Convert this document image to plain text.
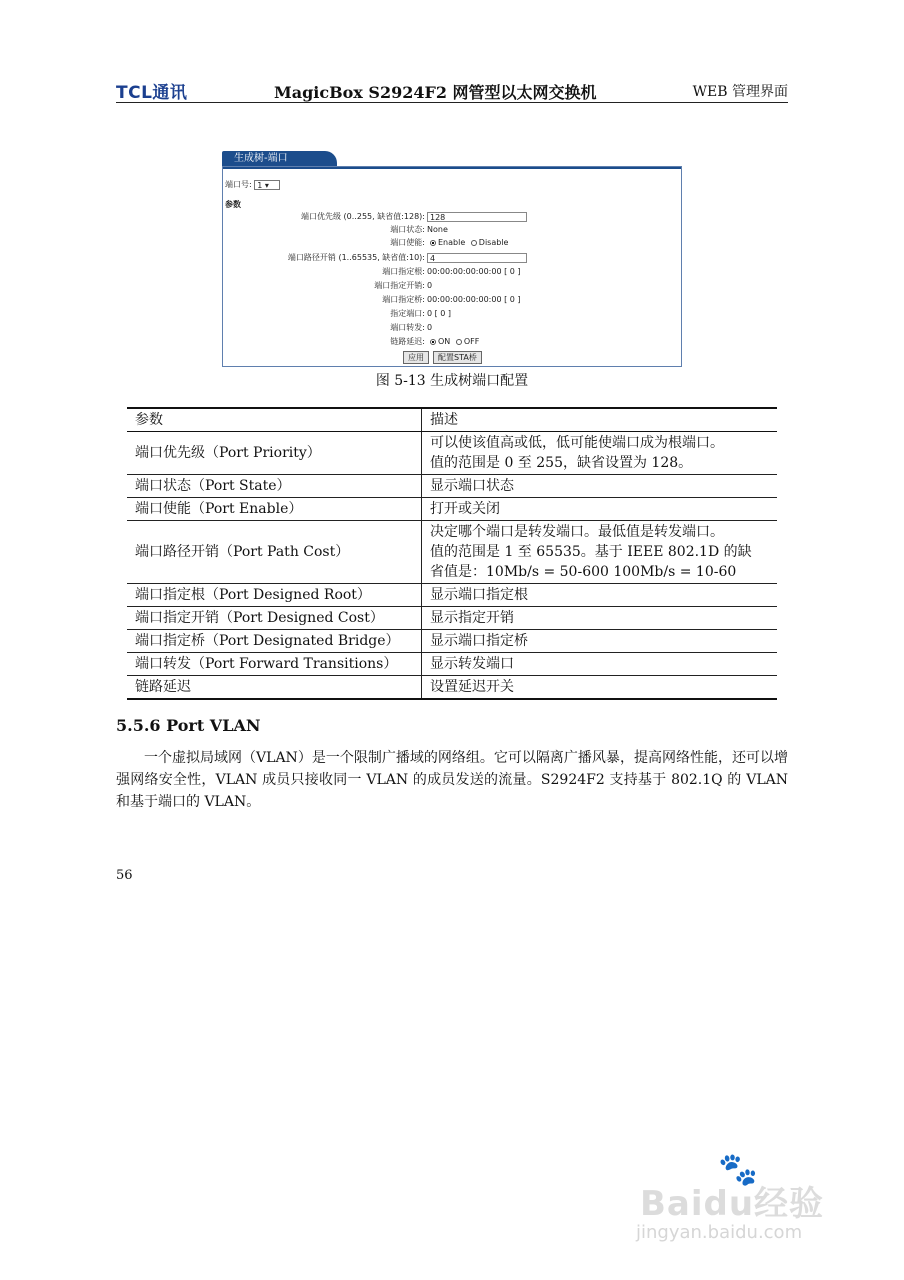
TCL通讯	MagicBox S2924F2 网管型以太网交换机	WEB 管理界面
生成树-端口
端口号: 1 ▾
参数
端口优先级 (0..255, 缺省值:128): 128
端口状态: None
端口使能:	Enable Disable
端口路径开销 (1..65535, 缺省值:10): 4
端口指定根: 00:00:00:00:00:00 [ 0 ]
端口指定开销: 0
端口指定桥: 00:00:00:00:00:00 [ 0 ]
指定端口: 0 [ 0 ]
端口转发: 0
链路延迟:	ON OFF
应用 配置STA桥
图 5-13 生成树端口配置
参数	描述
端口优先级（Port Priority）	可以使该值高或低，低可能使端口成为根端口。
值的范围是 0 至 255，缺省设置为 128。

端口状态（Port State）	显示端口状态

端口使能（Port Enable）	打开或关闭

端口路径开销（Port Path Cost）	决定哪个端口是转发端口。最低值是转发端口。
值的范围是 1 至 65535。基于 IEEE 802.1D 的缺
省值是：10Mb/s = 50-600 100Mb/s = 10-60

端口指定根（Port Designed Root）	显示端口指定根

端口指定开销（Port Designed Cost）	显示指定开销

端口指定桥（Port Designated Bridge）	显示端口指定桥

端口转发（Port Forward Transitions）	显示转发端口

链路延迟	设置延迟开关
5.5.6 Port VLAN
一个虚拟局域网（VLAN）是一个限制广播域的网络组。它可以隔离广播风暴，提高网络性能，还可以增强网络安全性，VLAN 成员只接收同一 VLAN 的成员发送的流量。S2924F2 支持基于 802.1Q 的 VLAN 和基于端口的 VLAN。
56
🐾
Baidu经验
jingyan.baidu.com
